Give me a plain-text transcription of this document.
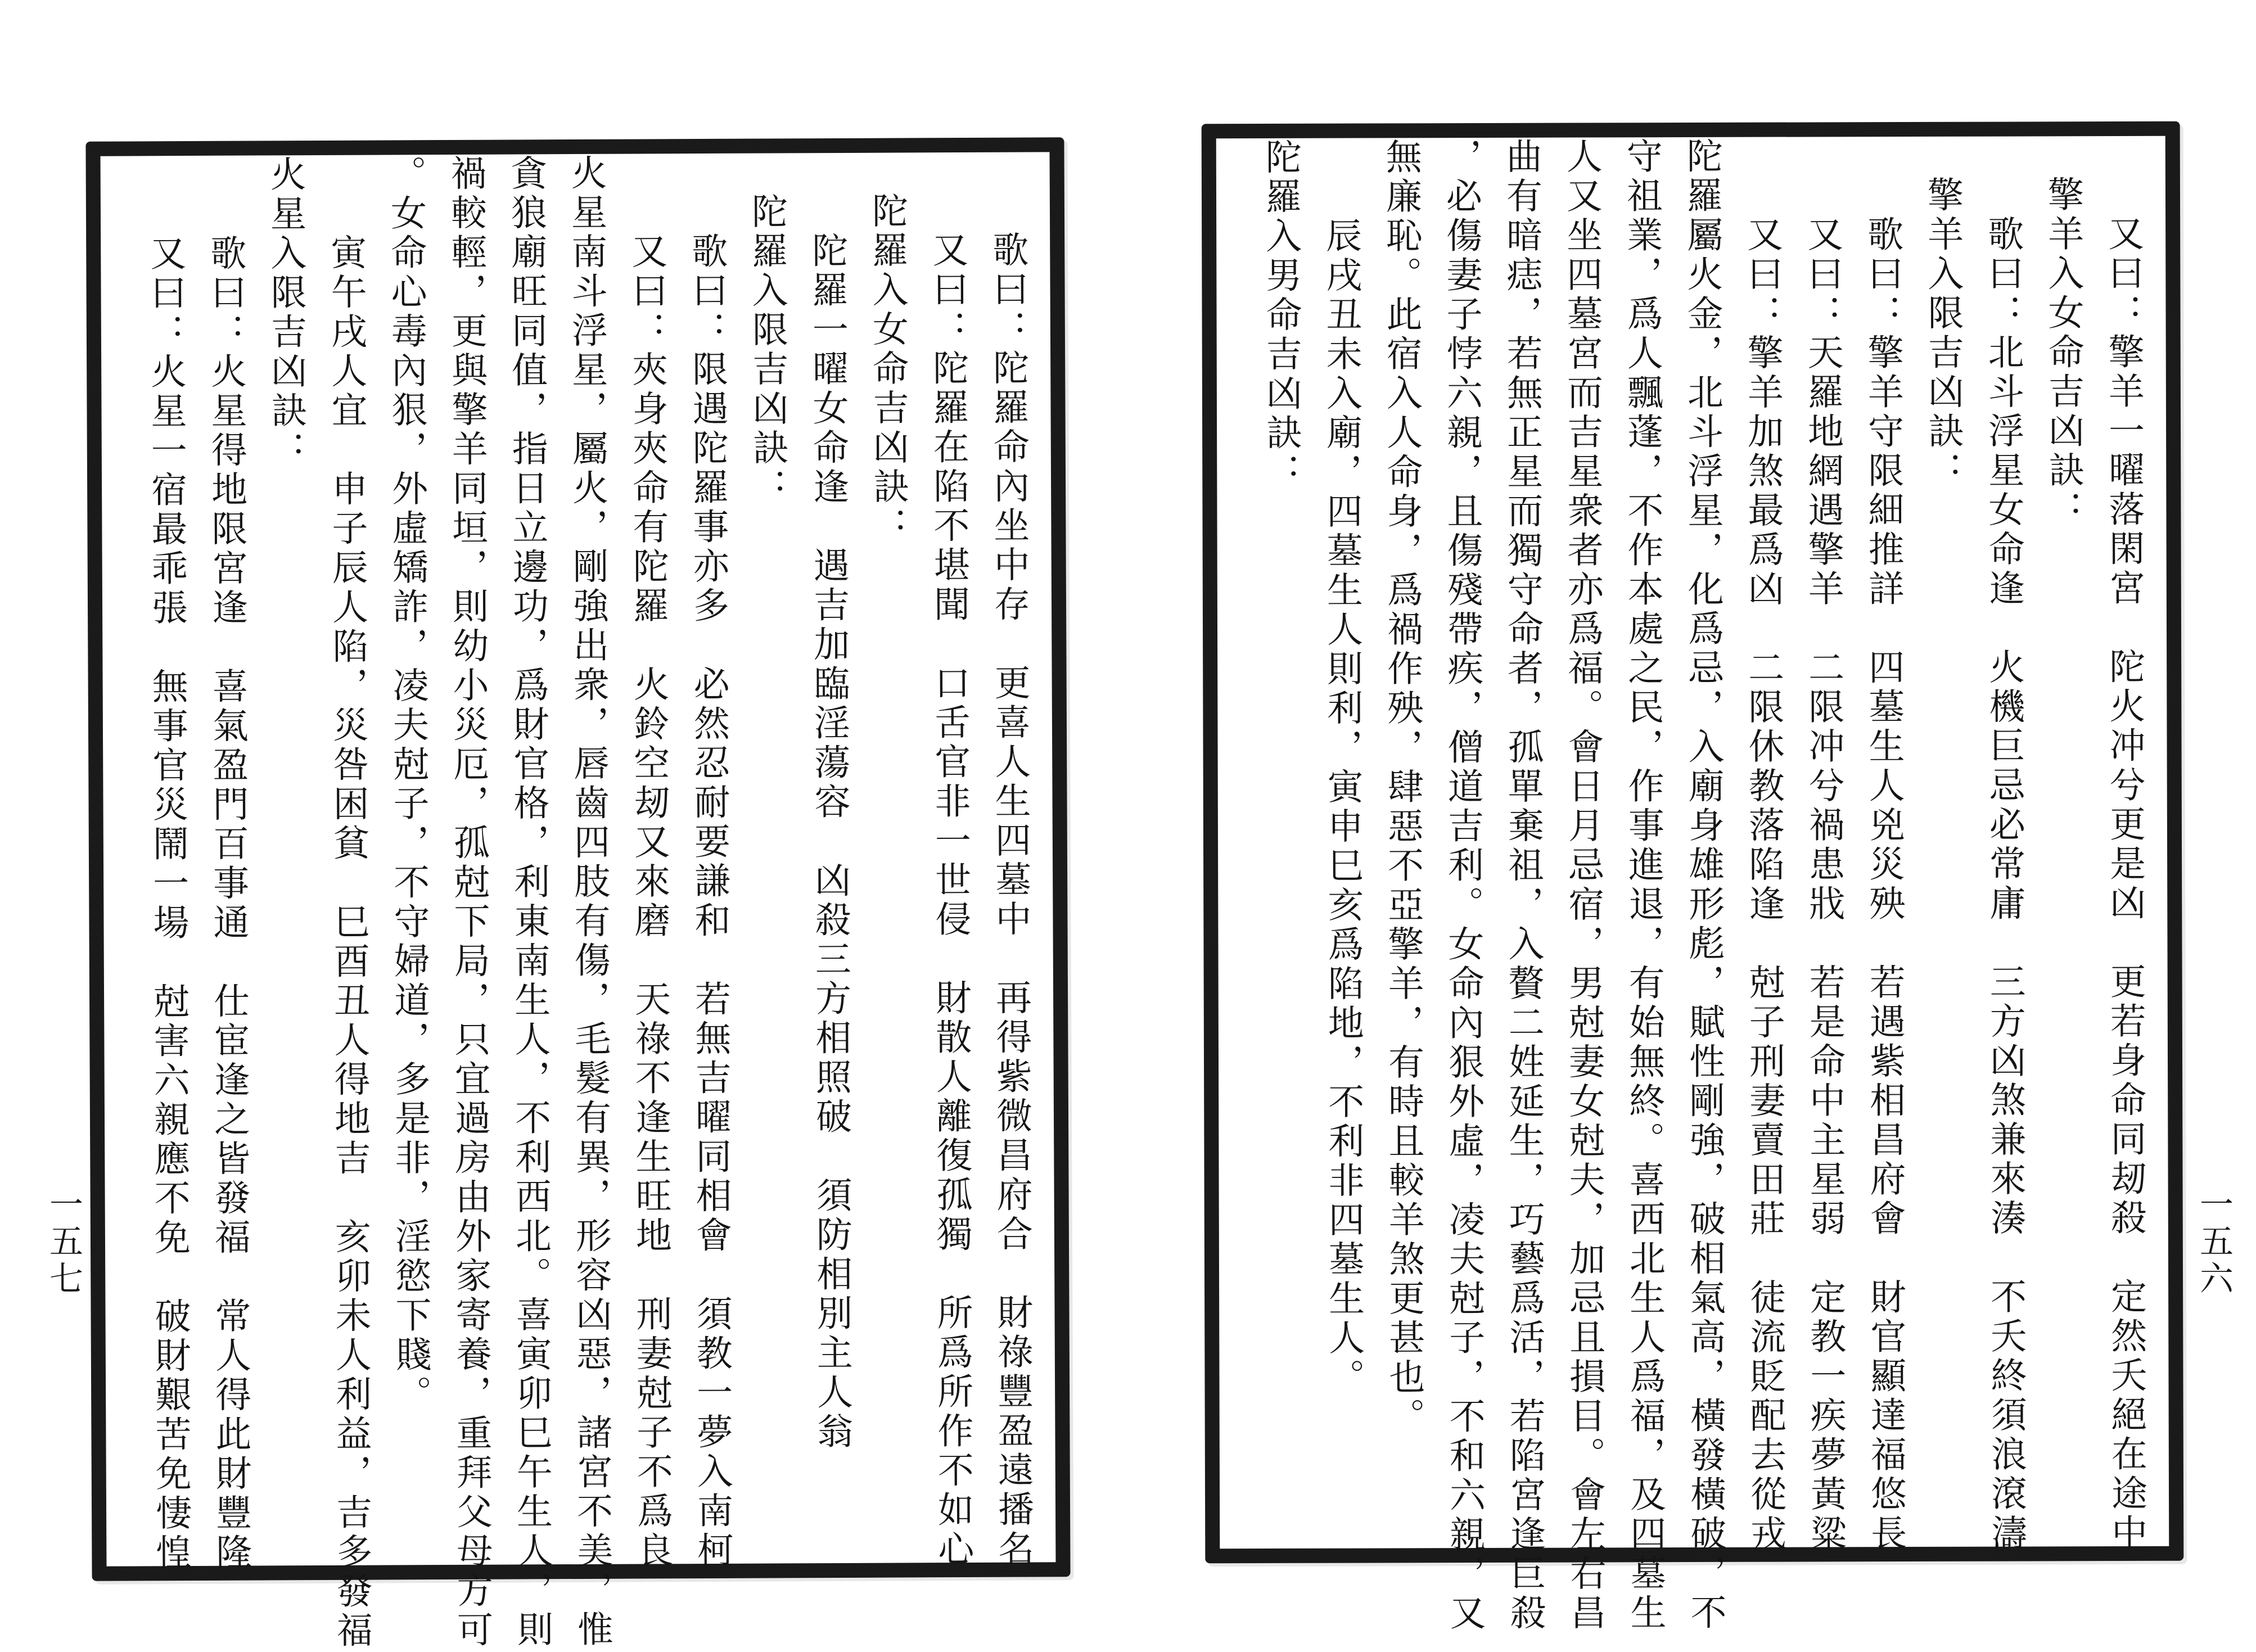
　　歌曰：陀羅命內坐中存　更喜人生四墓中　再得紫微昌府合　財祿豐盈遠播名
　　又曰：陀羅在陷不堪聞　口舌官非一世侵　財散人離復孤獨　所爲所作不如心
　陀羅入女命吉凶訣：
　　陀羅一曜女命逢　遇吉加臨淫蕩容　凶殺三方相照破　須防相別主人翁
　陀羅入限吉凶訣：
　　歌曰：限遇陀羅事亦多　必然忍耐要謙和　若無吉曜同相會　須教一夢入南柯
　　又曰：夾身夾命有陀羅　火鈴空刼又來磨　天祿不逢生旺地　刑妻尅子不爲良
火星南斗浮星，屬火，剛強出衆，唇齒四肢有傷，毛髮有異，形容凶惡，諸宮不美，惟
貪狼廟旺同值，指日立邊功，爲財官格，利東南生人，不利西北。喜寅卯巳午生人，則
禍較輕，更與擎羊同垣，則幼小災厄，孤尅下局，只宜過房由外家寄養，重拜父母方可
。女命心毒內狠，外虛矯詐，凌夫尅子，不守婦道，多是非，淫慾下賤。
　　寅午戌人宜　申子辰人陷，災咎困貧　巳酉丑人得地吉　亥卯未人利益，吉多發福
火星入限吉凶訣：
　　歌曰：火星得地限宮逢　喜氣盈門百事通　仕宦逢之皆發福　常人得此財豐隆
　　又曰：火星一宿最乖張　無事官災鬧一場　尅害六親應不免　破財艱苦免悽惶
一五七	　　又曰：擎羊一曜落閑宮　陀火冲兮更是凶　更若身命同刼殺　定然夭絕在途中
　擎羊入女命吉凶訣：
　　歌曰：北斗浮星女命逢　火機巨忌必常庸　三方凶煞兼來湊　不夭終須浪滾濤
　擎羊入限吉凶訣：
　　歌曰：擎羊守限細推詳　四墓生人兇災殃　若遇紫相昌府會　財官顯達福悠長
　　又曰：天羅地網遇擎羊　二限冲兮禍患戕　若是命中主星弱　定教一疾夢黃粱
　　又曰：擎羊加煞最爲凶　二限休教落陷逢　尅子刑妻賣田莊　徒流貶配去從戎
陀羅屬火金，北斗浮星，化爲忌，入廟身雄形彪，賦性剛強，破相氣高，橫發橫破，不
守祖業，爲人飄蓬，不作本處之民，作事進退，有始無終。喜西北生人爲福，及四墓生
人又坐四墓宮而吉星衆者亦爲福。會日月忌宿，男尅妻女尅夫，加忌且損目。會左右昌
曲有暗痣，若無正星而獨守命者，孤單棄祖，入贅二姓延生，巧藝爲活，若陷宮逢巨殺
，必傷妻子悖六親，且傷殘帶疾，僧道吉利。女命內狠外虛，凌夫尅子，不和六親，又
無廉恥。此宿入人命身，爲禍作殃，肆惡不亞擎羊，有時且較羊煞更甚也。
　　辰戌丑未入廟，四墓生人則利，寅申巳亥爲陷地，不利非四墓生人。
陀羅入男命吉凶訣：
一五六
